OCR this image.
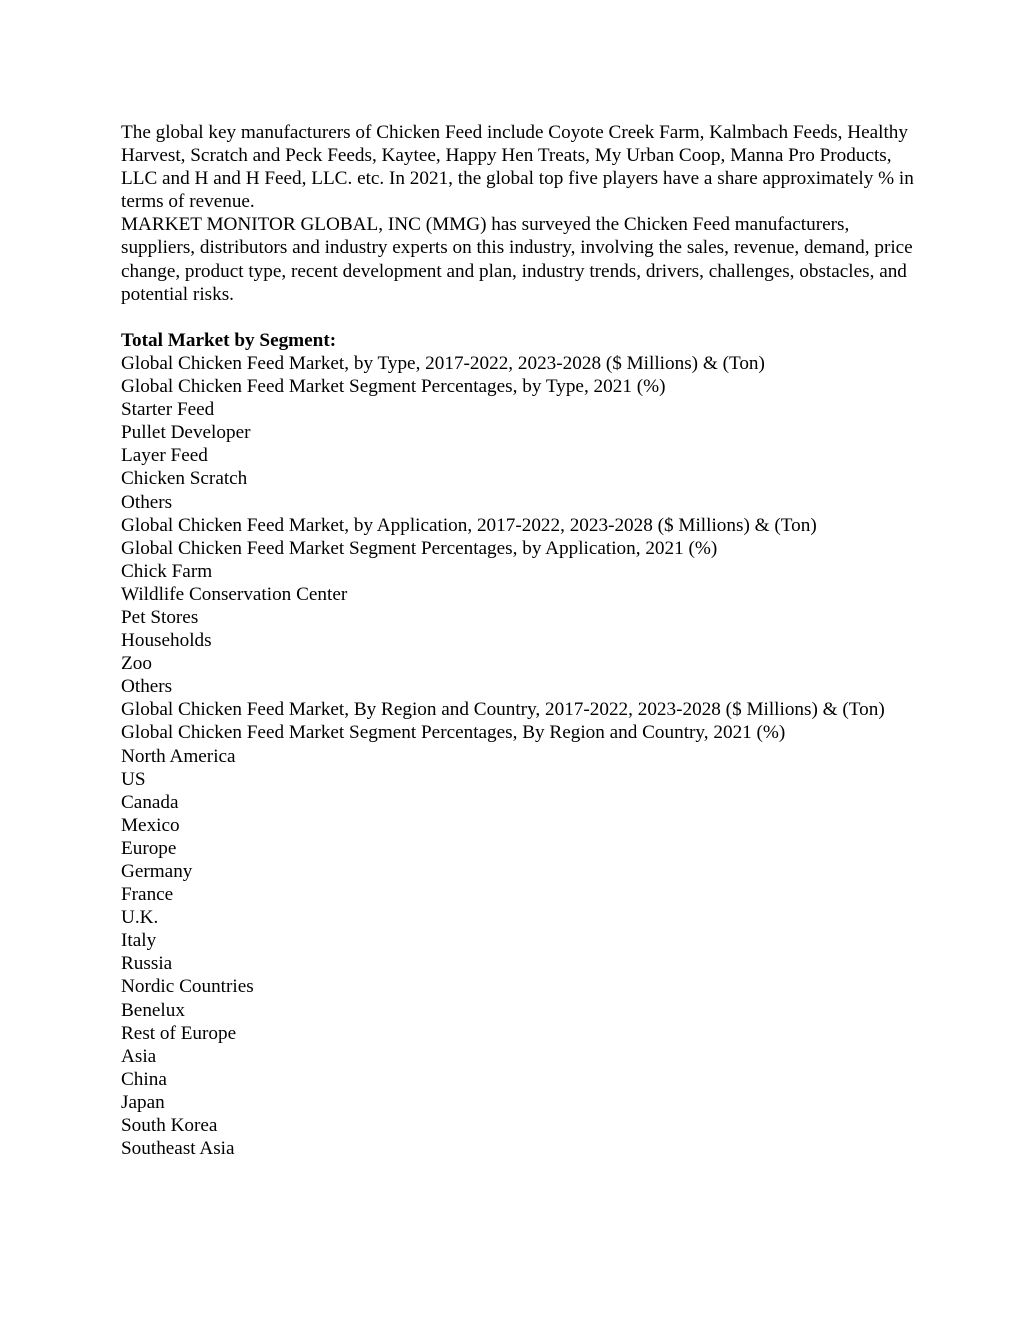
The global key manufacturers of Chicken Feed include Coyote Creek Farm, Kalmbach Feeds, Healthy Harvest, Scratch and Peck Feeds, Kaytee, Happy Hen Treats, My Urban Coop, Manna Pro Products, LLC and H and H Feed, LLC. etc. In 2021, the global top five players have a share approximately % in terms of revenue.

MARKET MONITOR GLOBAL, INC (MMG) has surveyed the Chicken Feed manufacturers, suppliers, distributors and industry experts on this industry, involving the sales, revenue, demand, price change, product type, recent development and plan, industry trends, drivers, challenges, obstacles, and potential risks.

Total Market by Segment:

Global Chicken Feed Market, by Type, 2017-2022, 2023-2028 ($ Millions) & (Ton)

Global Chicken Feed Market Segment Percentages, by Type, 2021 (%)

Starter Feed

Pullet Developer

Layer Feed

Chicken Scratch

Others

Global Chicken Feed Market, by Application, 2017-2022, 2023-2028 ($ Millions) & (Ton)

Global Chicken Feed Market Segment Percentages, by Application, 2021 (%)

Chick Farm

Wildlife Conservation Center

Pet Stores

Households

Zoo

Others

Global Chicken Feed Market, By Region and Country, 2017-2022, 2023-2028 ($ Millions) & (Ton)

Global Chicken Feed Market Segment Percentages, By Region and Country, 2021 (%)

North America

US

Canada

Mexico

Europe

Germany

France

U.K.

Italy

Russia

Nordic Countries

Benelux

Rest of Europe

Asia

China

Japan

South Korea

Southeast Asia
